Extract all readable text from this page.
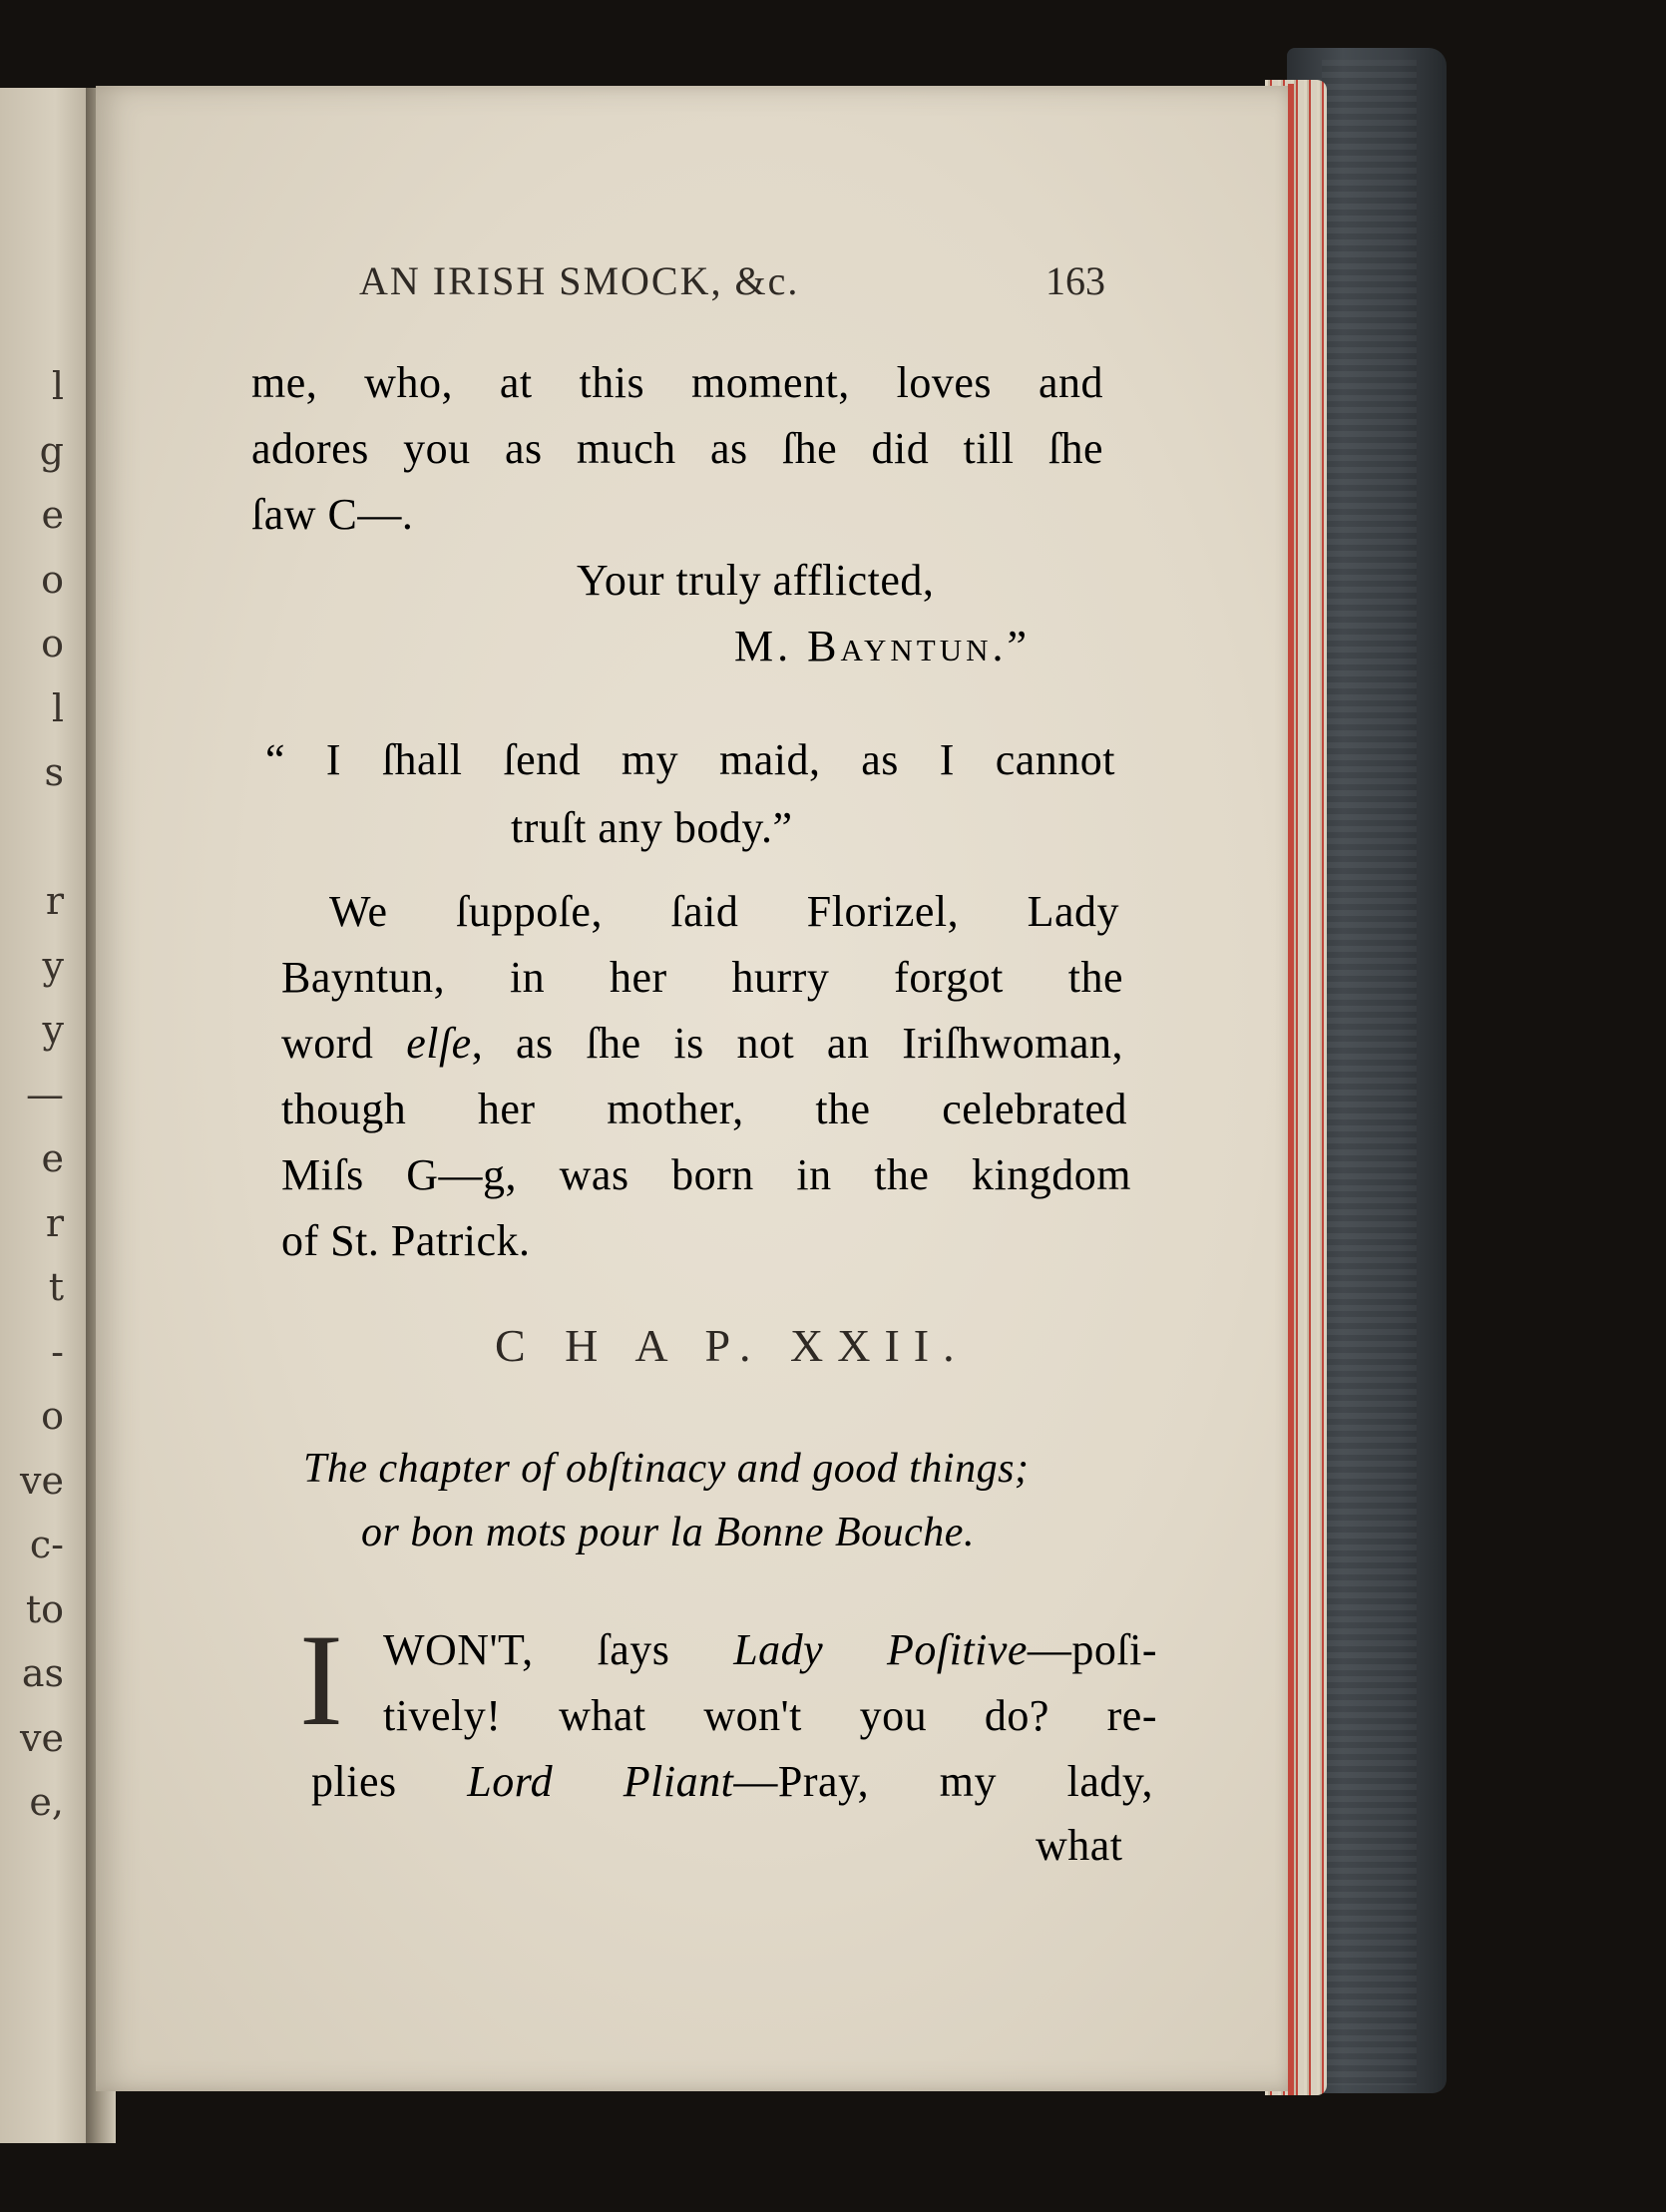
l
g
e
o
o
l
s
r
y
y
—
e
r
t
-
o
ve
c-
to
as
ve
e,
AN IRISH SMOCK, &c.	163
me, who, at this moment, loves and
adores you as much as ſhe did till ſhe
ſaw C—.
Your truly afflicted,
M. Bayntun.”
“ I ſhall ſend my maid, as I cannot
truſt any body.”
We ſuppoſe, ſaid Florizel, Lady
Bayntun, in her hurry forgot the
word elſe, as ſhe is not an Iriſhwoman,
though her mother, the celebrated
Miſs G—g, was born in the kingdom
of St. Patrick.
C H A P. XXII.
The chapter of obſtinacy and good things;
or bon mots pour la Bonne Bouche.
I WON'T, ſays Lady Poſitive—poſi-
tively! what won't you do? re-
plies Lord Pliant—Pray, my lady,
what
